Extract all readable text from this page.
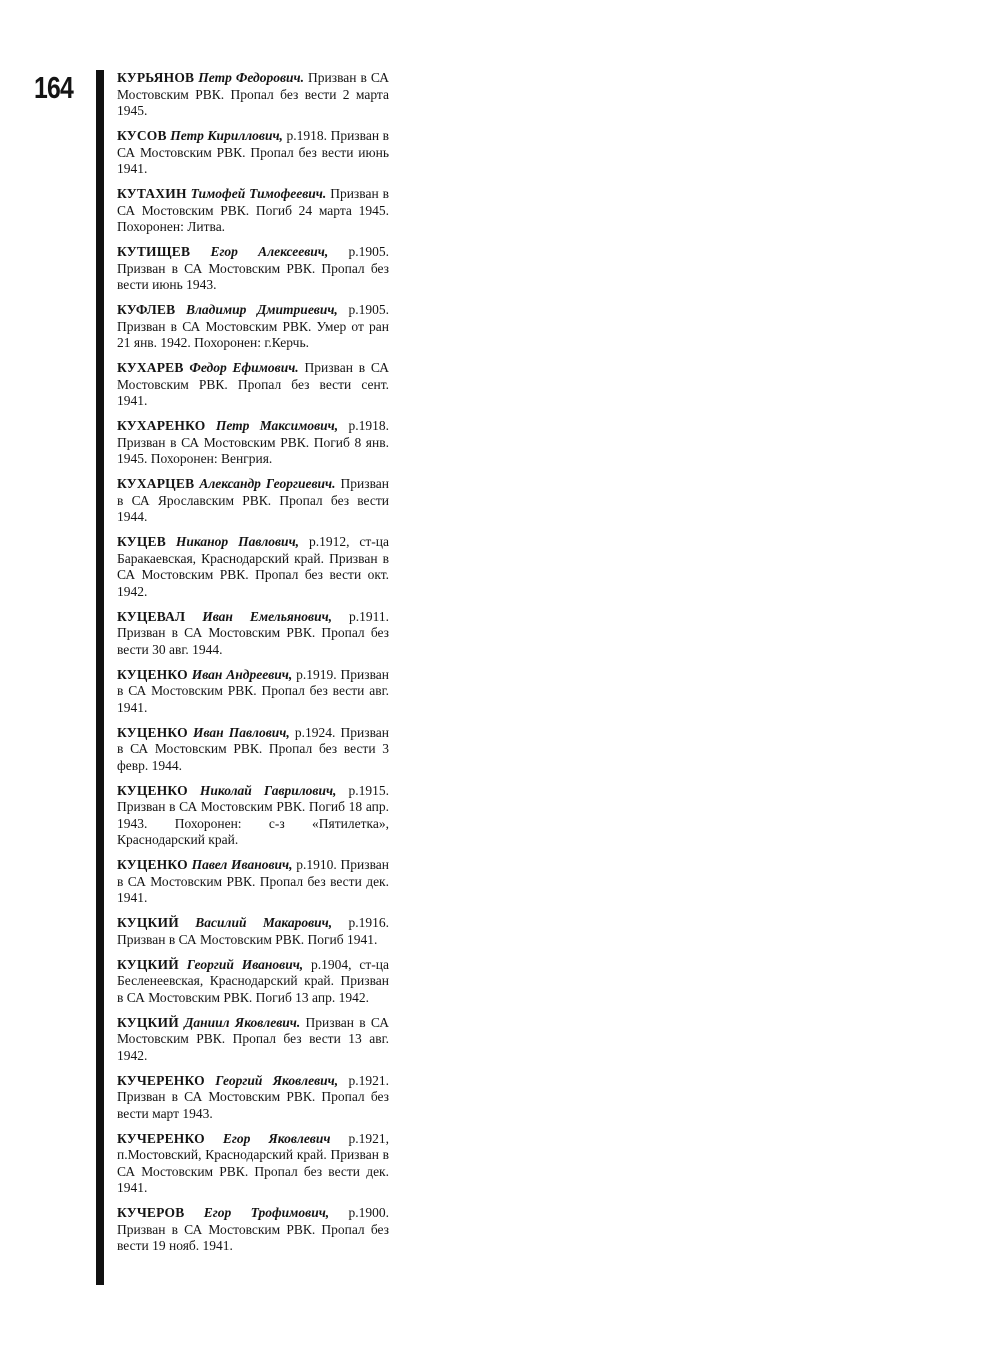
164	КУРЬЯНОВ Петр Федорович. Призван в СА Мостовским РВК. Пропал без вести 2 марта 1945.
КУСОВ Петр Кириллович, р.1918. Призван в СА Мостовским РВК. Пропал без вести июнь 1941.
КУТАХИН Тимофей Тимофеевич. Призван в СА Мостовским РВК. Погиб 24 марта 1945. Похоронен: Литва.
КУТИЩЕВ Егор Алексеевич, р.1905. Призван в СА Мостовским РВК. Пропал без вести июнь 1943.
КУФЛЕВ Владимир Дмитриевич, р.1905. Призван в СА Мостовским РВК. Умер от ран 21 янв. 1942. Похоронен: г.Керчь.
КУХАРЕВ Федор Ефимович. Призван в СА Мостовским РВК. Пропал без вести сент. 1941.
КУХАРЕНКО Петр Максимович, р.1918. Призван в СА Мостовским РВК. Погиб 8 янв. 1945. Похоронен: Венгрия.
КУХАРЦЕВ Александр Георгиевич. Призван в СА Ярославским РВК. Пропал без вести 1944.
КУЦЕВ Никанор Павлович, р.1912, ст-ца Баракаевская, Краснодарский край. Призван в СА Мостовским РВК. Пропал без вести окт. 1942.
КУЦЕВАЛ Иван Емельянович, р.1911. Призван в СА Мостовским РВК. Пропал без вести 30 авг. 1944.
КУЦЕНКО Иван Андреевич, р.1919. Призван в СА Мостовским РВК. Пропал без вести авг. 1941.
КУЦЕНКО Иван Павлович, р.1924. Призван в СА Мостовским РВК. Пропал без вести 3 февр. 1944.
КУЦЕНКО Николай Гаврилович, р.1915. Призван в СА Мостовским РВК. Погиб 18 апр. 1943. Похоронен: с-з «Пятилетка», Краснодарский край.
КУЦЕНКО Павел Иванович, р.1910. Призван в СА Мостовским РВК. Пропал без вести дек. 1941.
КУЦКИЙ Василий Макарович, р.1916. Призван в СА Мостовским РВК. Погиб 1941.
КУЦКИЙ Георгий Иванович, р.1904, ст-ца Бесленеевская, Краснодарский край. Призван в СА Мостовским РВК. Погиб 13 апр. 1942.
КУЦКИЙ Даниил Яковлевич. Призван в СА Мостовским РВК. Пропал без вести 13 авг. 1942.
КУЧЕРЕНКО Георгий Яковлевич, р.1921. Призван в СА Мостовским РВК. Пропал без вести март 1943.
КУЧЕРЕНКО Егор Яковлевич р.1921, п.Мостовский, Краснодарский край. Призван в СА Мостовским РВК. Пропал без вести дек. 1941.
КУЧЕРОВ Егор Трофимович, р.1900. Призван в СА Мостовским РВК. Пропал без вести 19 нояб. 1941.
